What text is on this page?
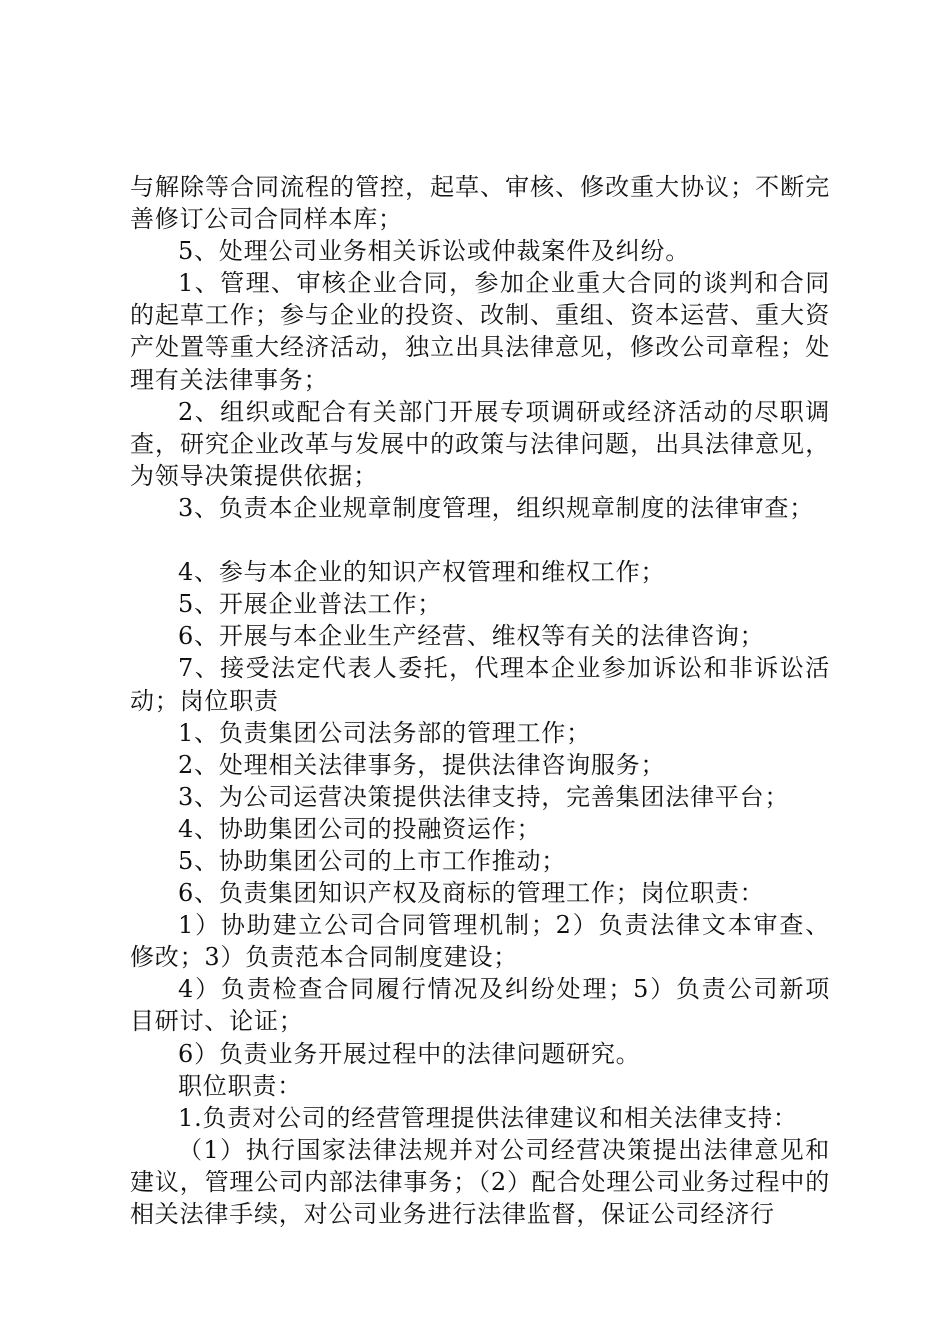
与解除等合同流程的管控，起草、审核、修改重大协议；不断完善修订公司合同样本库；

5、处理公司业务相关诉讼或仲裁案件及纠纷。

1、管理、审核企业合同，参加企业重大合同的谈判和合同的起草工作；参与企业的投资、改制、重组、资本运营、重大资产处置等重大经济活动，独立出具法律意见，修改公司章程；处理有关法律事务；

2、组织或配合有关部门开展专项调研或经济活动的尽职调查，研究企业改革与发展中的政策与法律问题，出具法律意见，为领导决策提供依据；

3、负责本企业规章制度管理，组织规章制度的法律审查；

4、参与本企业的知识产权管理和维权工作；

5、开展企业普法工作；

6、开展与本企业生产经营、维权等有关的法律咨询；

7、接受法定代表人委托，代理本企业参加诉讼和非诉讼活动；岗位职责

1、负责集团公司法务部的管理工作；

2、处理相关法律事务，提供法律咨询服务；

3、为公司运营决策提供法律支持，完善集团法律平台；

4、协助集团公司的投融资运作；

5、协助集团公司的上市工作推动；

6、负责集团知识产权及商标的管理工作；岗位职责：

1）协助建立公司合同管理机制；2）负责法律文本审查、修改；3）负责范本合同制度建设；

4）负责检查合同履行情况及纠纷处理；5）负责公司新项目研讨、论证；

6）负责业务开展过程中的法律问题研究。

职位职责：

1.负责对公司的经营管理提供法律建议和相关法律支持：

（1）执行国家法律法规并对公司经营决策提出法律意见和建议，管理公司内部法律事务；（2）配合处理公司业务过程中的相关法律手续，对公司业务进行法律监督，保证公司经济行
